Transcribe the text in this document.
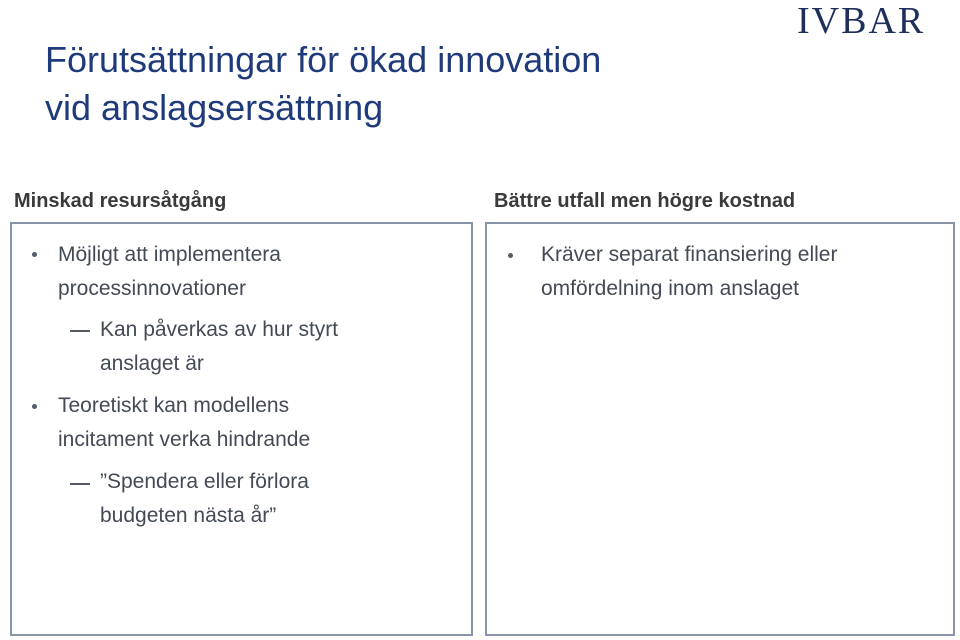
IVBAR
Förutsättningar för ökad innovation
vid anslagsersättning
Minskad resursåtgång
Möjligt att implementera
processinnovationer
Kan påverkas av hur styrt
anslaget är
Teoretiskt kan modellens
incitament verka hindrande
”Spendera eller förlora
budgeten nästa år”
Bättre utfall men högre kostnad
Kräver separat finansiering eller
omfördelning inom anslaget
